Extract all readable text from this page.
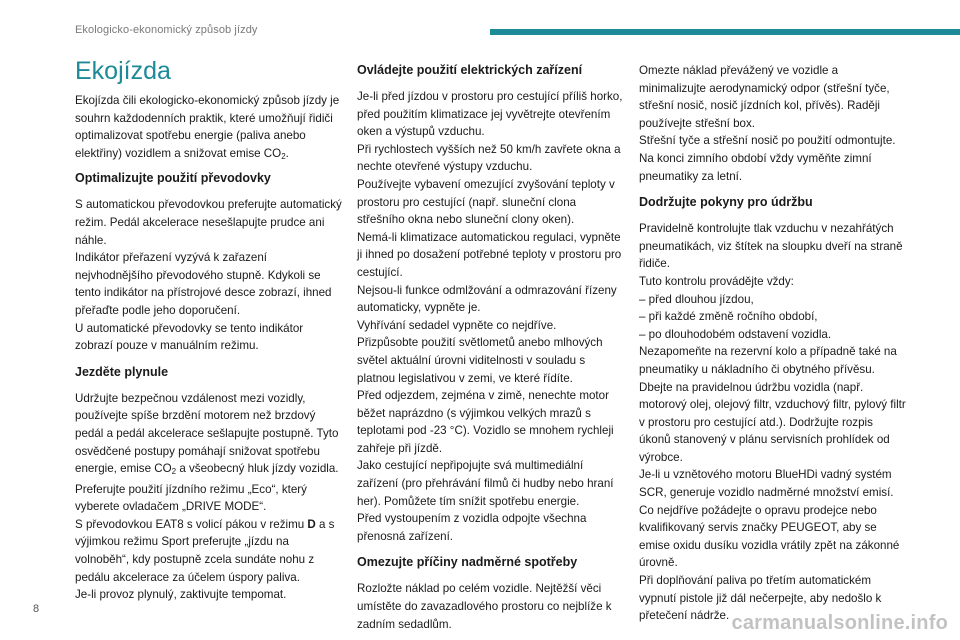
Ekologicko-ekonomický způsob jízdy
Ekojízda

Ekojízda čili ekologicko-ekonomický způsob jízdy je souhrn každodenních praktik, které umožňují řidiči optimalizovat spotřebu energie (paliva anebo elektřiny) vozidlem a snižovat emise $CO_2$.

Optimalizujte použití převodovky

S automatickou převodovkou preferujte automatický režim. Pedál akcelerace nesešlapujte prudce ani náhle.

Indikátor přeřazení vyzývá k zařazení nejvhodnějšího převodového stupně. Kdykoli se tento indikátor na přístrojové desce zobrazí, ihned přeřaďte podle jeho doporučení.

U automatické převodovky se tento indikátor zobrazí pouze v manuálním režimu.

Jezděte plynule

Udržujte bezpečnou vzdálenost mezi vozidly, používejte spíše brzdění motorem než brzdový pedál a pedál akcelerace sešlapujte postupně. Tyto osvědčené postupy pomáhají snižovat spotřebu energie, emise $CO_2$ a všeobecný hluk jízdy vozidla.

Preferujte použití jízdního režimu „Eco“, který vyberete ovladačem „DRIVE MODE“.

S převodovkou EAT8 s volicí pákou v režimu D a s výjimkou režimu Sport preferujte „jízdu na volnoběh“, kdy postupně zcela sundáte nohu z pedálu akcelerace za účelem úspory paliva.

Je-li provoz plynulý, zaktivujte tempomat.

Ovládejte použití elektrických zařízení

Je-li před jízdou v prostoru pro cestující příliš horko, před použitím klimatizace jej vyvětrejte otevřením oken a výstupů vzduchu.

Při rychlostech vyšších než 50 km/h zavřete okna a nechte otevřené výstupy vzduchu.

Používejte vybavení omezující zvyšování teploty v prostoru pro cestující (např. sluneční clona střešního okna nebo sluneční clony oken).

Nemá-li klimatizace automatickou regulaci, vypněte ji ihned po dosažení potřebné teploty v prostoru pro cestující.

Nejsou-li funkce odmlžování a odmrazování řízeny automaticky, vypněte je.

Vyhřívání sedadel vypněte co nejdříve.

Přizpůsobte použití světlometů anebo mlhových světel aktuální úrovni viditelnosti v souladu s platnou legislativou v zemi, ve které řídíte.

Před odjezdem, zejména v zimě, nenechte motor běžet naprázdno (s výjimkou velkých mrazů s teplotami pod -23 °C). Vozidlo se mnohem rychleji zahřeje při jízdě.

Jako cestující nepřipojujte svá multimediální zařízení (pro přehrávání filmů či hudby nebo hraní her). Pomůžete tím snížit spotřebu energie.

Před vystoupením z vozidla odpojte všechna přenosná zařízení.

Omezujte příčiny nadměrné spotřeby

Rozložte náklad po celém vozidle. Nejtěžší věci umístěte do zavazadlového prostoru co nejblíže k zadním sedadlům.

Omezte náklad převážený ve vozidle a minimalizujte aerodynamický odpor (střešní tyče, střešní nosič, nosič jízdních kol, přívěs). Raději používejte střešní box.

Střešní tyče a střešní nosič po použití odmontujte.

Na konci zimního období vždy vyměňte zimní pneumatiky za letní.

Dodržujte pokyny pro údržbu

Pravidelně kontrolujte tlak vzduchu v nezahřátých pneumatikách, viz štítek na sloupku dveří na straně řidiče.

Tuto kontrolu provádějte vždy:

– před dlouhou jízdou,

– při každé změně ročního období,

– po dlouhodobém odstavení vozidla.

Nezapomeňte na rezervní kolo a případně také na pneumatiky u nákladního či obytného přívěsu.

Dbejte na pravidelnou údržbu vozidla (např. motorový olej, olejový filtr, vzduchový filtr, pylový filtr v prostoru pro cestující atd.). Dodržujte rozpis úkonů stanovený v plánu servisních prohlídek od výrobce.

Je-li u vznětového motoru BlueHDi vadný systém SCR, generuje vozidlo nadměrné množství emisí. Co nejdříve požádejte o opravu prodejce nebo kvalifikovaný servis značky PEUGEOT, aby se emise oxidu dusíku vozidla vrátily zpět na zákonné úrovně.

Při doplňování paliva po třetím automatickém vypnutí pistole již dál nečerpejte, aby nedošlo k přetečení nádrže.

8
carmanualsonline.info
